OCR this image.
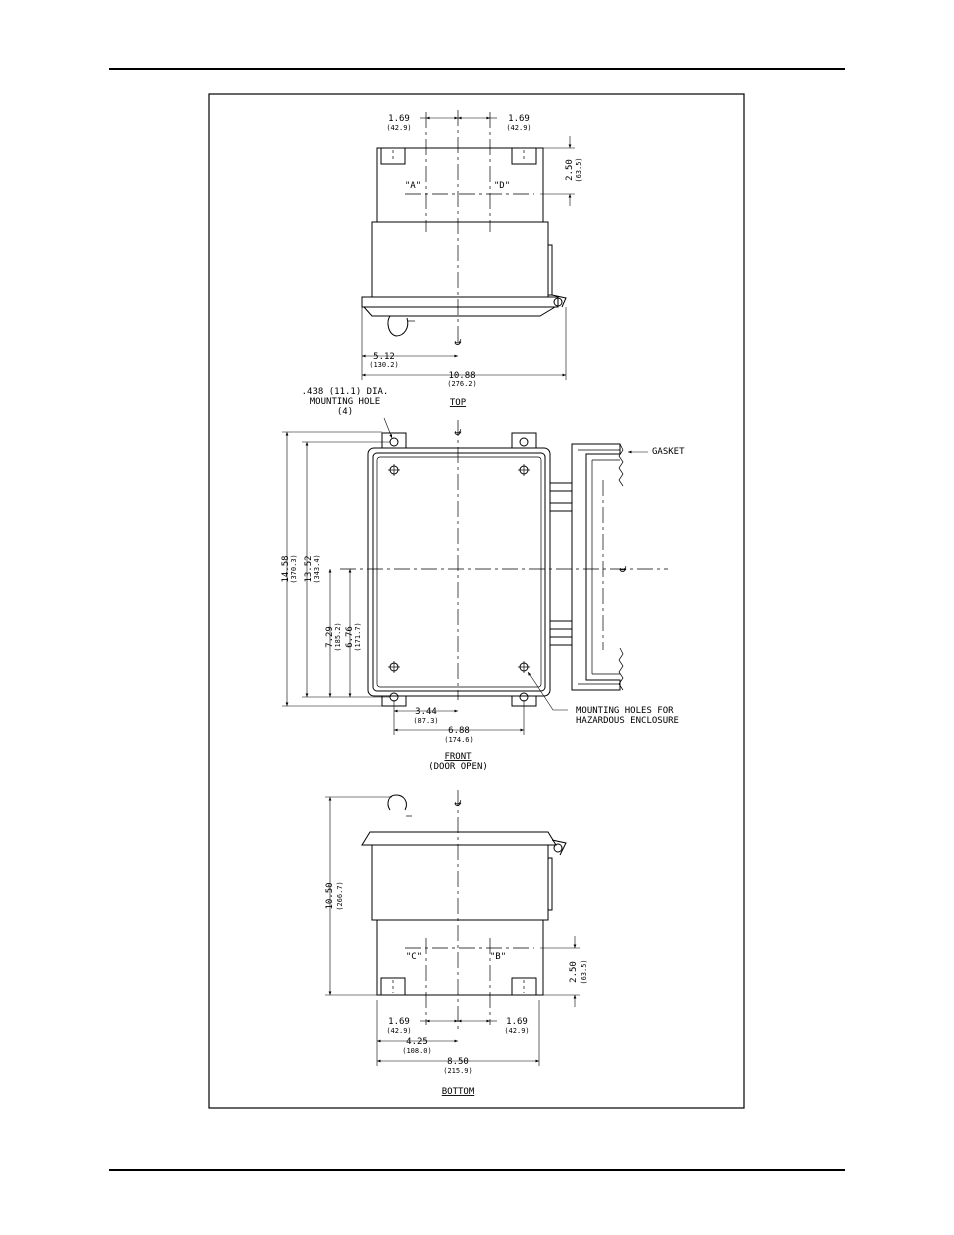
1.69
(42.9)
1.69
(42.9)
2.50 (63.5)
"A"	"D"
℄
5.12
(130.2)
10.88
(276.2)
TOP
.438 (11.1) DIA.
MOUNTING HOLE
(4)
℄
GASKET
℄
14.58 (370.3) 13.52 (343.4)
7.29 (185.2) 6.76 (171.7)
3.44
(87.3)
6.88
(174.6)
MOUNTING HOLES FOR
HAZARDOUS ENCLOSURE
FRONT
(DOOR OPEN)
℄
10.50 (266.7)
"C"	"B"
2.50 (63.5)
1.69
(42.9)
1.69
(42.9)
4.25
(108.0)
8.50
(215.9)
BOTTOM
